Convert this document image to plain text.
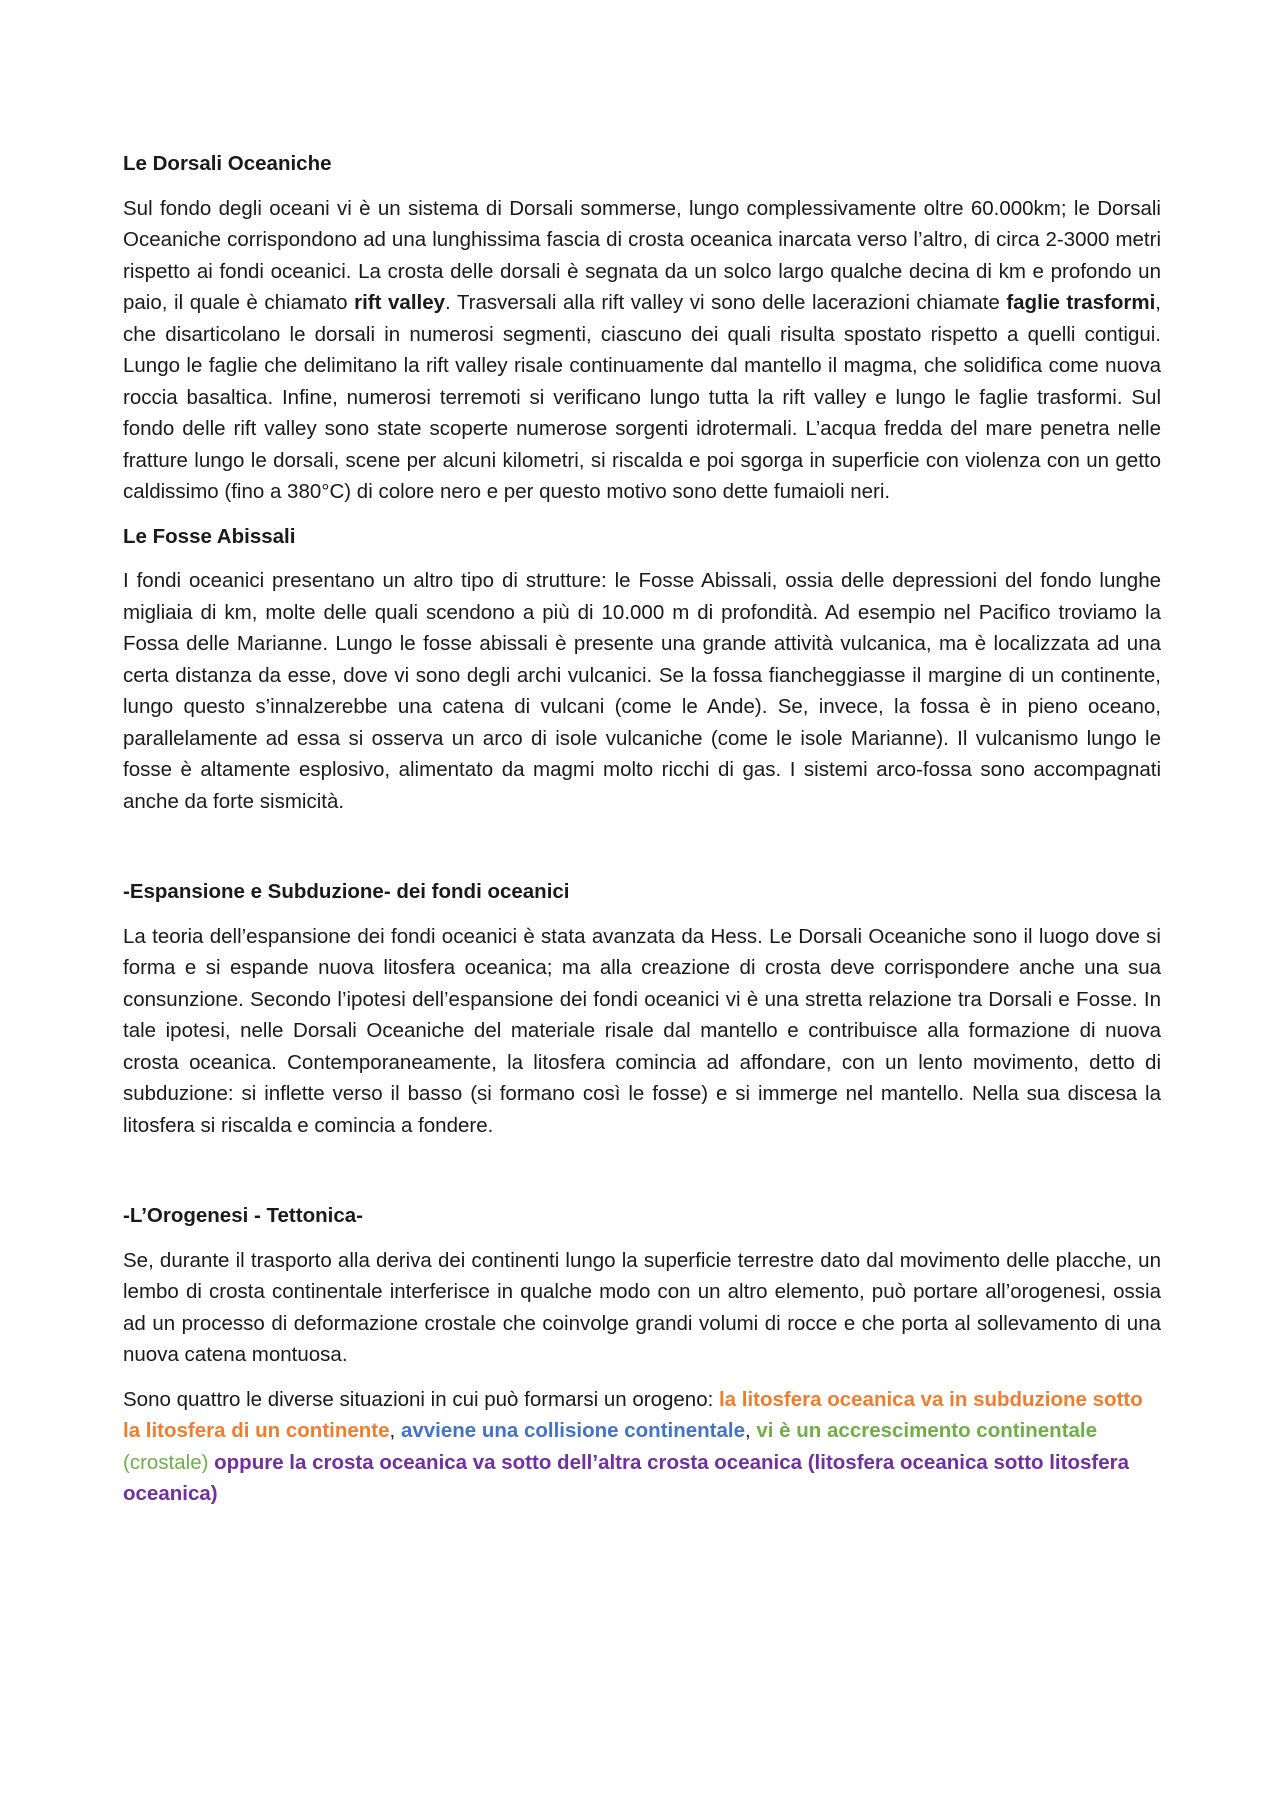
Le Dorsali Oceaniche

Sul fondo degli oceani vi è un sistema di Dorsali sommerse, lungo complessivamente oltre 60.000km; le Dorsali Oceaniche corrispondono ad una lunghissima fascia di crosta oceanica inarcata verso l’altro, di circa 2-3000 metri rispetto ai fondi oceanici. La crosta delle dorsali è segnata da un solco largo qualche decina di km e profondo un paio, il quale è chiamato rift valley. Trasversali alla rift valley vi sono delle lacerazioni chiamate faglie trasformi, che disarticolano le dorsali in numerosi segmenti, ciascuno dei quali risulta spostato rispetto a quelli contigui. Lungo le faglie che delimitano la rift valley risale continuamente dal mantello il magma, che solidifica come nuova roccia basaltica. Infine, numerosi terremoti si verificano lungo tutta la rift valley e lungo le faglie trasformi. Sul fondo delle rift valley sono state scoperte numerose sorgenti idrotermali. L’acqua fredda del mare penetra nelle fratture lungo le dorsali, scene per alcuni kilometri, si riscalda e poi sgorga in superficie con violenza con un getto caldissimo (fino a 380°C) di colore nero e per questo motivo sono dette fumaioli neri.

Le Fosse Abissali

I fondi oceanici presentano un altro tipo di strutture: le Fosse Abissali, ossia delle depressioni del fondo lunghe migliaia di km, molte delle quali scendono a più di 10.000 m di profondità. Ad esempio nel Pacifico troviamo la Fossa delle Marianne. Lungo le fosse abissali è presente una grande attività vulcanica, ma è localizzata ad una certa distanza da esse, dove vi sono degli archi vulcanici. Se la fossa fiancheggiasse il margine di un continente, lungo questo s’innalzerebbe una catena di vulcani (come le Ande). Se, invece, la fossa è in pieno oceano, parallelamente ad essa si osserva un arco di isole vulcaniche (come le isole Marianne). Il vulcanismo lungo le fosse è altamente esplosivo, alimentato da magmi molto ricchi di gas. I sistemi arco-fossa sono accompagnati anche da forte sismicità.

-Espansione e Subduzione- dei fondi oceanici

La teoria dell’espansione dei fondi oceanici è stata avanzata da Hess. Le Dorsali Oceaniche sono il luogo dove si forma e si espande nuova litosfera oceanica; ma alla creazione di crosta deve corrispondere anche una sua consunzione. Secondo l’ipotesi dell’espansione dei fondi oceanici vi è una stretta relazione tra Dorsali e Fosse. In tale ipotesi, nelle Dorsali Oceaniche del materiale risale dal mantello e contribuisce alla formazione di nuova crosta oceanica. Contemporaneamente, la litosfera comincia ad affondare, con un lento movimento, detto di subduzione: si inflette verso il basso (si formano così le fosse) e si immerge nel mantello. Nella sua discesa la litosfera si riscalda e comincia a fondere.

-L’Orogenesi - Tettonica-

Se, durante il trasporto alla deriva dei continenti lungo la superficie terrestre dato dal movimento delle placche, un lembo di crosta continentale interferisce in qualche modo con un altro elemento, può portare all’orogenesi, ossia ad un processo di deformazione crostale che coinvolge grandi volumi di rocce e che porta al sollevamento di una nuova catena montuosa.

Sono quattro le diverse situazioni in cui può formarsi un orogeno: la litosfera oceanica va in subduzione sotto la litosfera di un continente, avviene una collisione continentale, vi è un accrescimento continentale (crostale) oppure la crosta oceanica va sotto dell’altra crosta oceanica (litosfera oceanica sotto litosfera oceanica)
